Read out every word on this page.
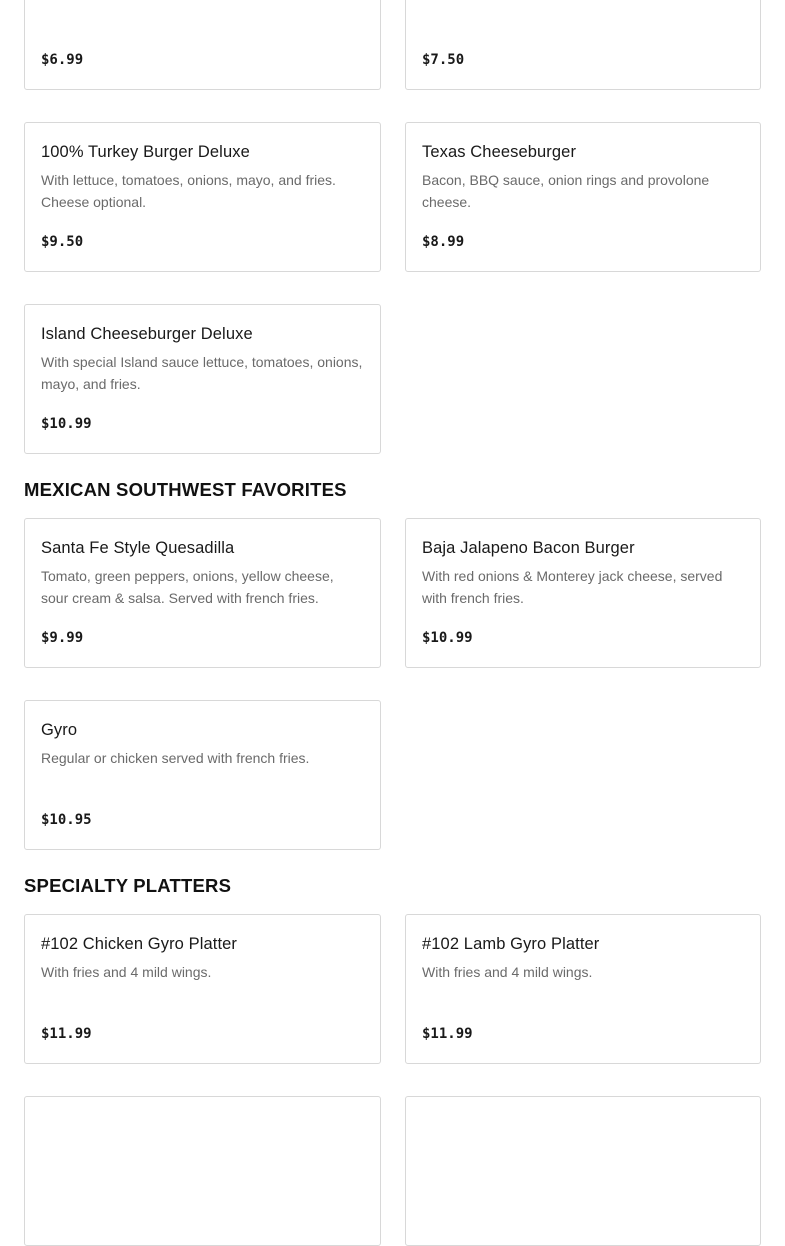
$6.99	$7.50
100% Turkey Burger Deluxe
With lettuce, tomatoes, onions, mayo, and fries. Cheese optional.
$9.50
Texas Cheeseburger
Bacon, BBQ sauce, onion rings and provolone cheese.
$8.99
Island Cheeseburger Deluxe
With special Island sauce lettuce, tomatoes, onions, mayo, and fries.
$10.99
MEXICAN SOUTHWEST FAVORITES
Santa Fe Style Quesadilla
Tomato, green peppers, onions, yellow cheese, sour cream & salsa. Served with french fries.
$9.99
Baja Jalapeno Bacon Burger
With red onions & Monterey jack cheese, served with french fries.
$10.99
Gyro
Regular or chicken served with french fries.
$10.95
SPECIALTY PLATTERS
#102 Chicken Gyro Platter
With fries and 4 mild wings.
$11.99
#102 Lamb Gyro Platter
With fries and 4 mild wings.
$11.99
